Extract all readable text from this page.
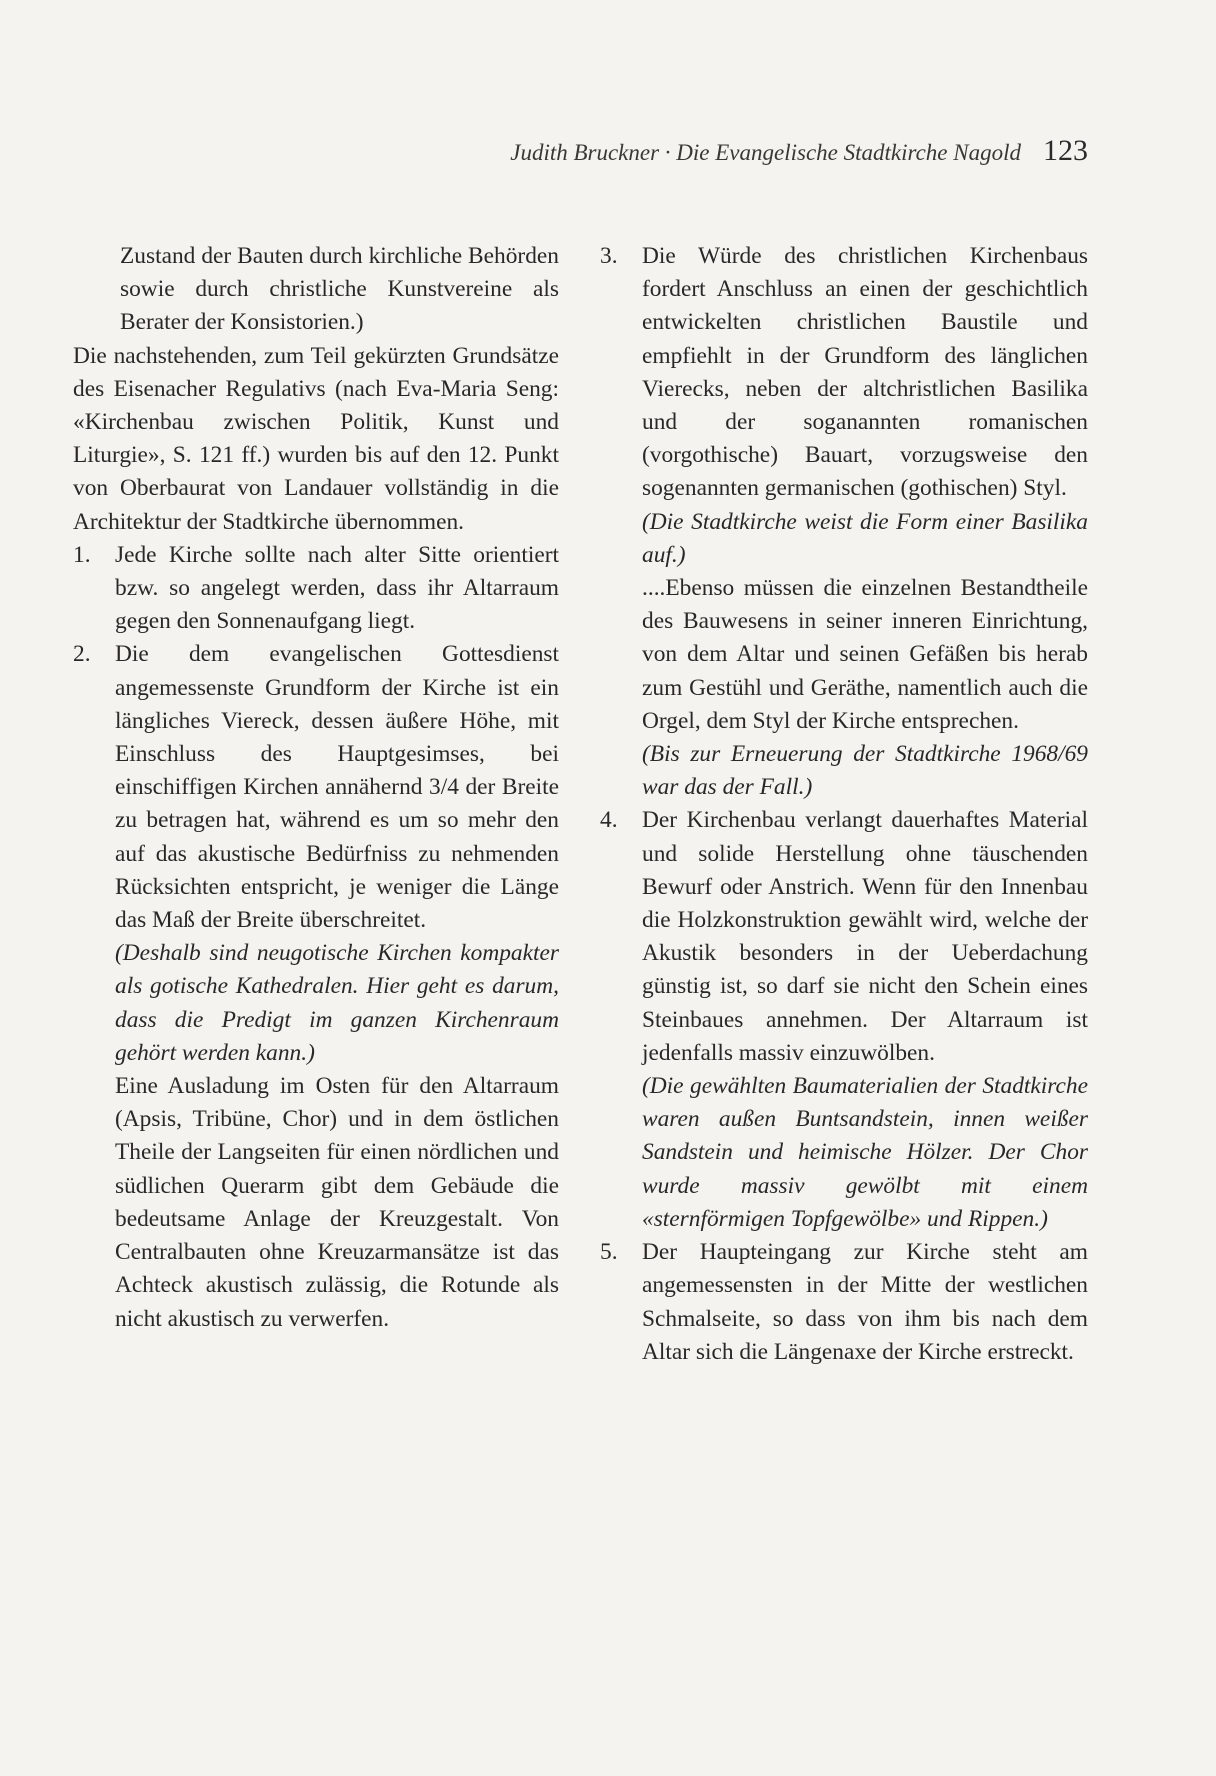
Judith Bruckner · Die Evangelische Stadtkirche Nagold 123

Zustand der Bauten durch kirchliche Behörden sowie durch christliche Kunstvereine als Berater der Konsistorien.)

Die nachstehenden, zum Teil gekürzten Grundsätze des Eisenacher Regulativs (nach Eva-Maria Seng: «Kirchenbau zwischen Politik, Kunst und Liturgie», S. 121 ff.) wurden bis auf den 12. Punkt von Oberbaurat von Landauer vollständig in die Architektur der Stadtkirche übernommen.

1. Jede Kirche sollte nach alter Sitte orientiert bzw. so angelegt werden, dass ihr Altarraum gegen den Sonnenaufgang liegt.
2. Die dem evangelischen Gottesdienst angemessenste Grundform der Kirche ist ein längliches Viereck, dessen äußere Höhe, mit Einschluss des Hauptgesimses, bei einschiffigen Kirchen annähernd 3/4 der Breite zu betragen hat, während es um so mehr den auf das akustische Bedürfniss zu nehmenden Rücksichten entspricht, je weniger die Länge das Maß der Breite überschreitet.

(Deshalb sind neugotische Kirchen kompakter als gotische Kathedralen. Hier geht es darum, dass die Predigt im ganzen Kirchenraum gehört werden kann.)

Eine Ausladung im Osten für den Altarraum (Apsis, Tribüne, Chor) und in dem östlichen Theile der Langseiten für einen nördlichen und südlichen Querarm gibt dem Gebäude die bedeutsame Anlage der Kreuzgestalt. Von Centralbauten ohne Kreuzarmansätze ist das Achteck akustisch zulässig, die Rotunde als nicht akustisch zu verwerfen.

3. Die Würde des christlichen Kirchenbaus fordert Anschluss an einen der geschichtlich entwickelten christlichen Baustile und empfiehlt in der Grundform des länglichen Vierecks, neben der altchristlichen Basilika und der soganannten romanischen (vorgothische) Bauart, vorzugsweise den sogenannten germanischen (gothischen) Styl.

(Die Stadtkirche weist die Form einer Basilika auf.)

....Ebenso müssen die einzelnen Bestandtheile des Bauwesens in seiner inneren Einrichtung, von dem Altar und seinen Gefäßen bis herab zum Gestühl und Geräthe, namentlich auch die Orgel, dem Styl der Kirche entsprechen.

(Bis zur Erneuerung der Stadtkirche 1968/69 war das der Fall.)

4. Der Kirchenbau verlangt dauerhaftes Material und solide Herstellung ohne täuschenden Bewurf oder Anstrich. Wenn für den Innenbau die Holzkonstruktion gewählt wird, welche der Akustik besonders in der Ueberdachung günstig ist, so darf sie nicht den Schein eines Steinbaues annehmen. Der Altarraum ist jedenfalls massiv einzuwölben.

(Die gewählten Baumaterialien der Stadtkirche waren außen Buntsandstein, innen weißer Sandstein und heimische Hölzer. Der Chor wurde massiv gewölbt mit einem «sternförmigen Topfgewölbe» und Rippen.)

5. Der Haupteingang zur Kirche steht am angemessensten in der Mitte der westlichen Schmalseite, so dass von ihm bis nach dem Altar sich die Längenaxe der Kirche erstreckt.
